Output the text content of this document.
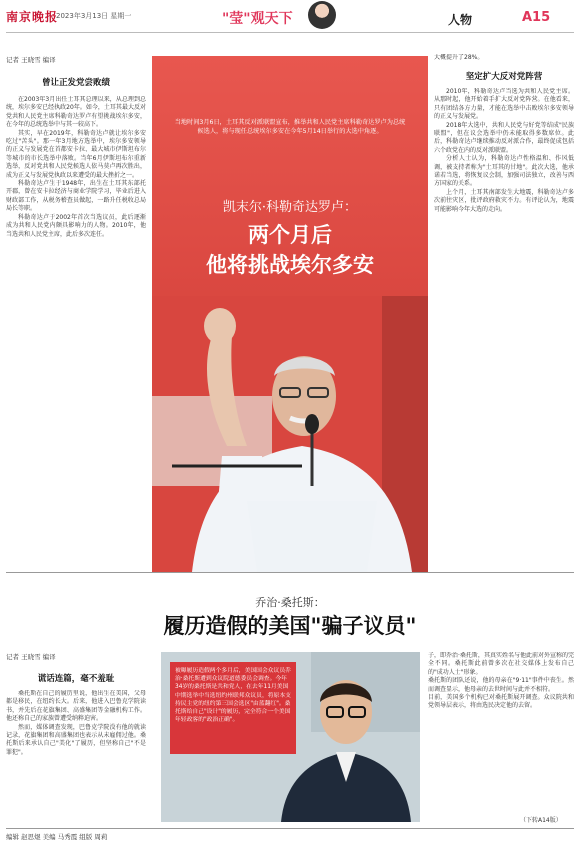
南京晚报
2023年3月13日 星期一	"莹"观天下	人物	A15
记者 王晓雪 编译
曾让正发党尝败绩

在2003年3月出任土耳其总理以来，从总理到总统，埃尔多安已经执政20年。如今，土耳其最大反对党共和人民党主席科勒奇达罗卢有望挑战埃尔多安，在今年的总统选举中与其一较高下。

其实，早在2019年，科勒奇达卢就让埃尔多安吃过"苦头"。那一年3月地方选举中，埃尔多安领导的正义与发展党在首都安卡拉、最大城市伊斯坦布尔等城市的市长选举中落败。当年6月伊斯坦布尔重新选举，反对党共和人民党候选人依马莫卢再次胜出，成为正义与发展党执政以来遭受的最大挫折之一。

科勒奇达卢生于1948年，出生在土耳其东部托开郡，曾在安卡拉经济与商业学院学习，毕业后进入财政部工作，从税务稽查员做起，一路升任税收总局局长等职。

科勒奇达卢于2002年首次当选议员，此后逐渐成为共和人民党内颇具影响力的人物。2010年，他当选共和人民党主席，此后多次连任。

当地时间3月6日，土耳其反对派联盟宣布，推举共和人民党主席科勒奇达罗卢为总统候选人，将与现任总统埃尔多安在今年5月14日举行的大选中角逐。
凯末尔·科勒奇达罗卢：
两个月后
他将挑战埃尔多安
大概提升了28%。
坚定扩大反对党阵营

2010年，科勒奇达卢当选为共和人民党主席。从那时起，他开始着手扩大反对党阵营。在他看来，只有团结各方力量，才能在选举中击败埃尔多安领导的正义与发展党。

2018年大选中，共和人民党与好党等结成"民族联盟"，但在议会选举中仍未能取得多数席位。此后，科勒奇达卢继续推动反对派合作，最终促成包括六个政党在内的反对派联盟。

分析人士认为，科勒奇达卢性格温和、作风低调，被支持者称为"土耳其的甘地"。此次大选，他承诺若当选，将恢复议会制，加强司法独立，改善与西方国家的关系。

上个月，土耳其南部发生大地震，科勒奇达卢多次前往灾区，批评政府救灾不力。有评论认为，地震可能影响今年大选的走向。

乔治·桑托斯：
履历造假的美国"骗子议员"
记者 王晓雪 编译
谎话连篇，毫不羞耻

桑托斯在自己的履历里说，他出生在美国，父母都是移民，在纽约长大。后来，他进入巴鲁克学院读书，并先后在花旗集团、高盛集团等金融机构工作。他还称自己的家族曾遭受纳粹迫害。

然而，媒体调查发现，巴鲁克学院没有他的就读记录，花旗集团和高盛集团也表示从未雇佣过他。桑托斯后来承认自己"美化"了履历，但坚称自己"不是罪犯"。

被曝履历造假两个多月后，美国国会众议员乔治·桑托斯遭到众议院道德委员会调查。今年34岁的桑托斯是共和党人，在去年11月美国中期选举中当选纽约州联邦众议员，将原本支持民主党的纽约第三国会选区"由蓝翻红"。桑托斯给自己"设计"的履历，完全符合一个美国年轻政客的"政治正确"。

子，即乔治·桑托斯，其真实姓名与他此前对外宣称的完全不同。桑托斯此前曾多次在社交媒体上发布自己的"成功人士"形象。

桑托斯的团队还说，他的母亲在"9·11"事件中丧生。然而调查显示，他母亲的去世时间与此并不相符。

目前，美国多个机构已对桑托斯展开调查。众议院共和党领导层表示，将由选民决定他的去留。

（下转A14版）
编辑 赵思煜 美编 马秀霞 组版 周莉
